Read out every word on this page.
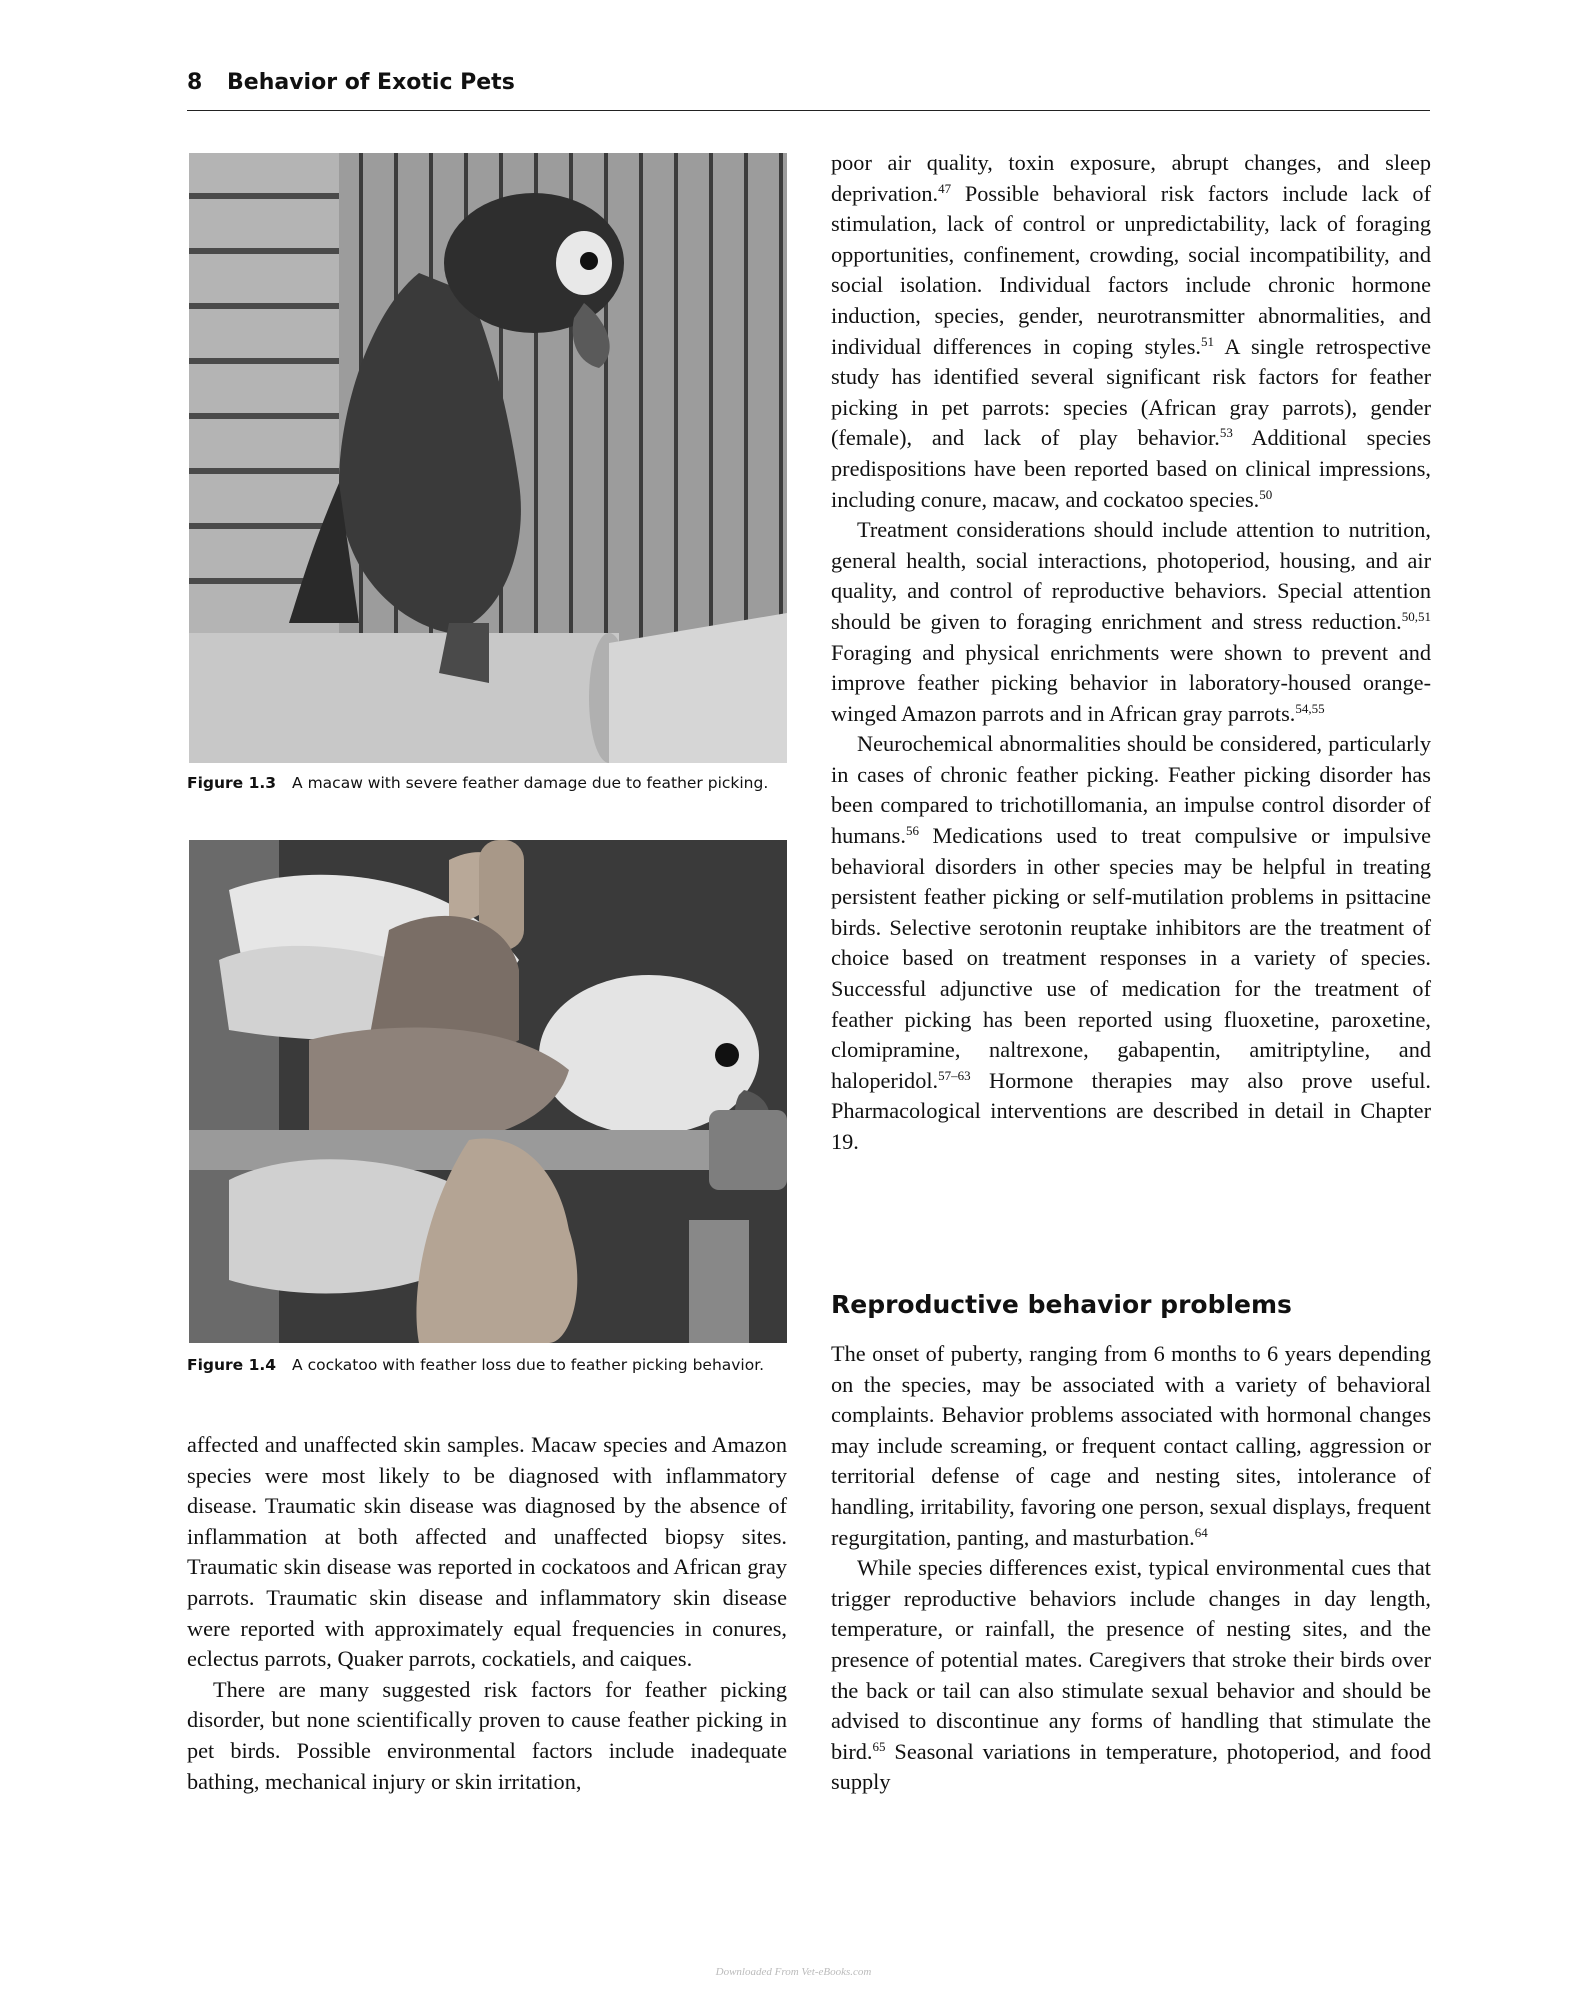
8 Behavior of Exotic Pets
Figure 1.3 A macaw with severe feather damage due to feather picking.
Figure 1.4 A cockatoo with feather loss due to feather picking behavior.

affected and unaffected skin samples. Macaw species and Amazon species were most likely to be diagnosed with inflammatory disease. Traumatic skin disease was diagnosed by the absence of inflammation at both affected and unaffected biopsy sites. Traumatic skin disease was reported in cockatoos and African gray parrots. Traumatic skin disease and inflammatory skin disease were reported with approximately equal frequencies in conures, eclectus parrots, Quaker parrots, cockatiels, and caiques.

There are many suggested risk factors for feather picking disorder, but none scientifically proven to cause feather picking in pet birds. Possible environmental factors include inadequate bathing, mechanical injury or skin irritation,

poor air quality, toxin exposure, abrupt changes, and sleep deprivation.$^{47}$ Possible behavioral risk factors include lack of stimulation, lack of control or unpredictability, lack of foraging opportunities, confinement, crowding, social incompatibility, and social isolation. Individual factors include chronic hormone induction, species, gender, neurotransmitter abnormalities, and individual differences in coping styles.$^{51}$ A single retrospective study has identified several significant risk factors for feather picking in pet parrots: species (African gray parrots), gender (female), and lack of play behavior.$^{53}$ Additional species predispositions have been reported based on clinical impressions, including conure, macaw, and cockatoo species.$^{50}$

Treatment considerations should include attention to nutrition, general health, social interactions, photoperiod, housing, and air quality, and control of reproductive behaviors. Special attention should be given to foraging enrichment and stress reduction.$^{50,51}$ Foraging and physical enrichments were shown to prevent and improve feather picking behavior in laboratory-housed orange-winged Amazon parrots and in African gray parrots.$^{54,55}$

Neurochemical abnormalities should be considered, particularly in cases of chronic feather picking. Feather picking disorder has been compared to trichotillomania, an impulse control disorder of humans.$^{56}$ Medications used to treat compulsive or impulsive behavioral disorders in other species may be helpful in treating persistent feather picking or self-mutilation problems in psittacine birds. Selective serotonin reuptake inhibitors are the treatment of choice based on treatment responses in a variety of species. Successful adjunctive use of medication for the treatment of feather picking has been reported using fluoxetine, paroxetine, clomipramine, naltrexone, gabapentin, amitriptyline, and haloperidol.$^{57-63}$ Hormone therapies may also prove useful. Pharmacological interventions are described in detail in Chapter 19.

Reproductive behavior problems

The onset of puberty, ranging from 6 months to 6 years depending on the species, may be associated with a variety of behavioral complaints. Behavior problems associated with hormonal changes may include screaming, or frequent contact calling, aggression or territorial defense of cage and nesting sites, intolerance of handling, irritability, favoring one person, sexual displays, frequent regurgitation, panting, and masturbation.$^{64}$

While species differences exist, typical environmental cues that trigger reproductive behaviors include changes in day length, temperature, or rainfall, the presence of nesting sites, and the presence of potential mates. Caregivers that stroke their birds over the back or tail can also stimulate sexual behavior and should be advised to discontinue any forms of handling that stimulate the bird.$^{65}$ Seasonal variations in temperature, photoperiod, and food supply

Downloaded From Vet-eBooks.com
